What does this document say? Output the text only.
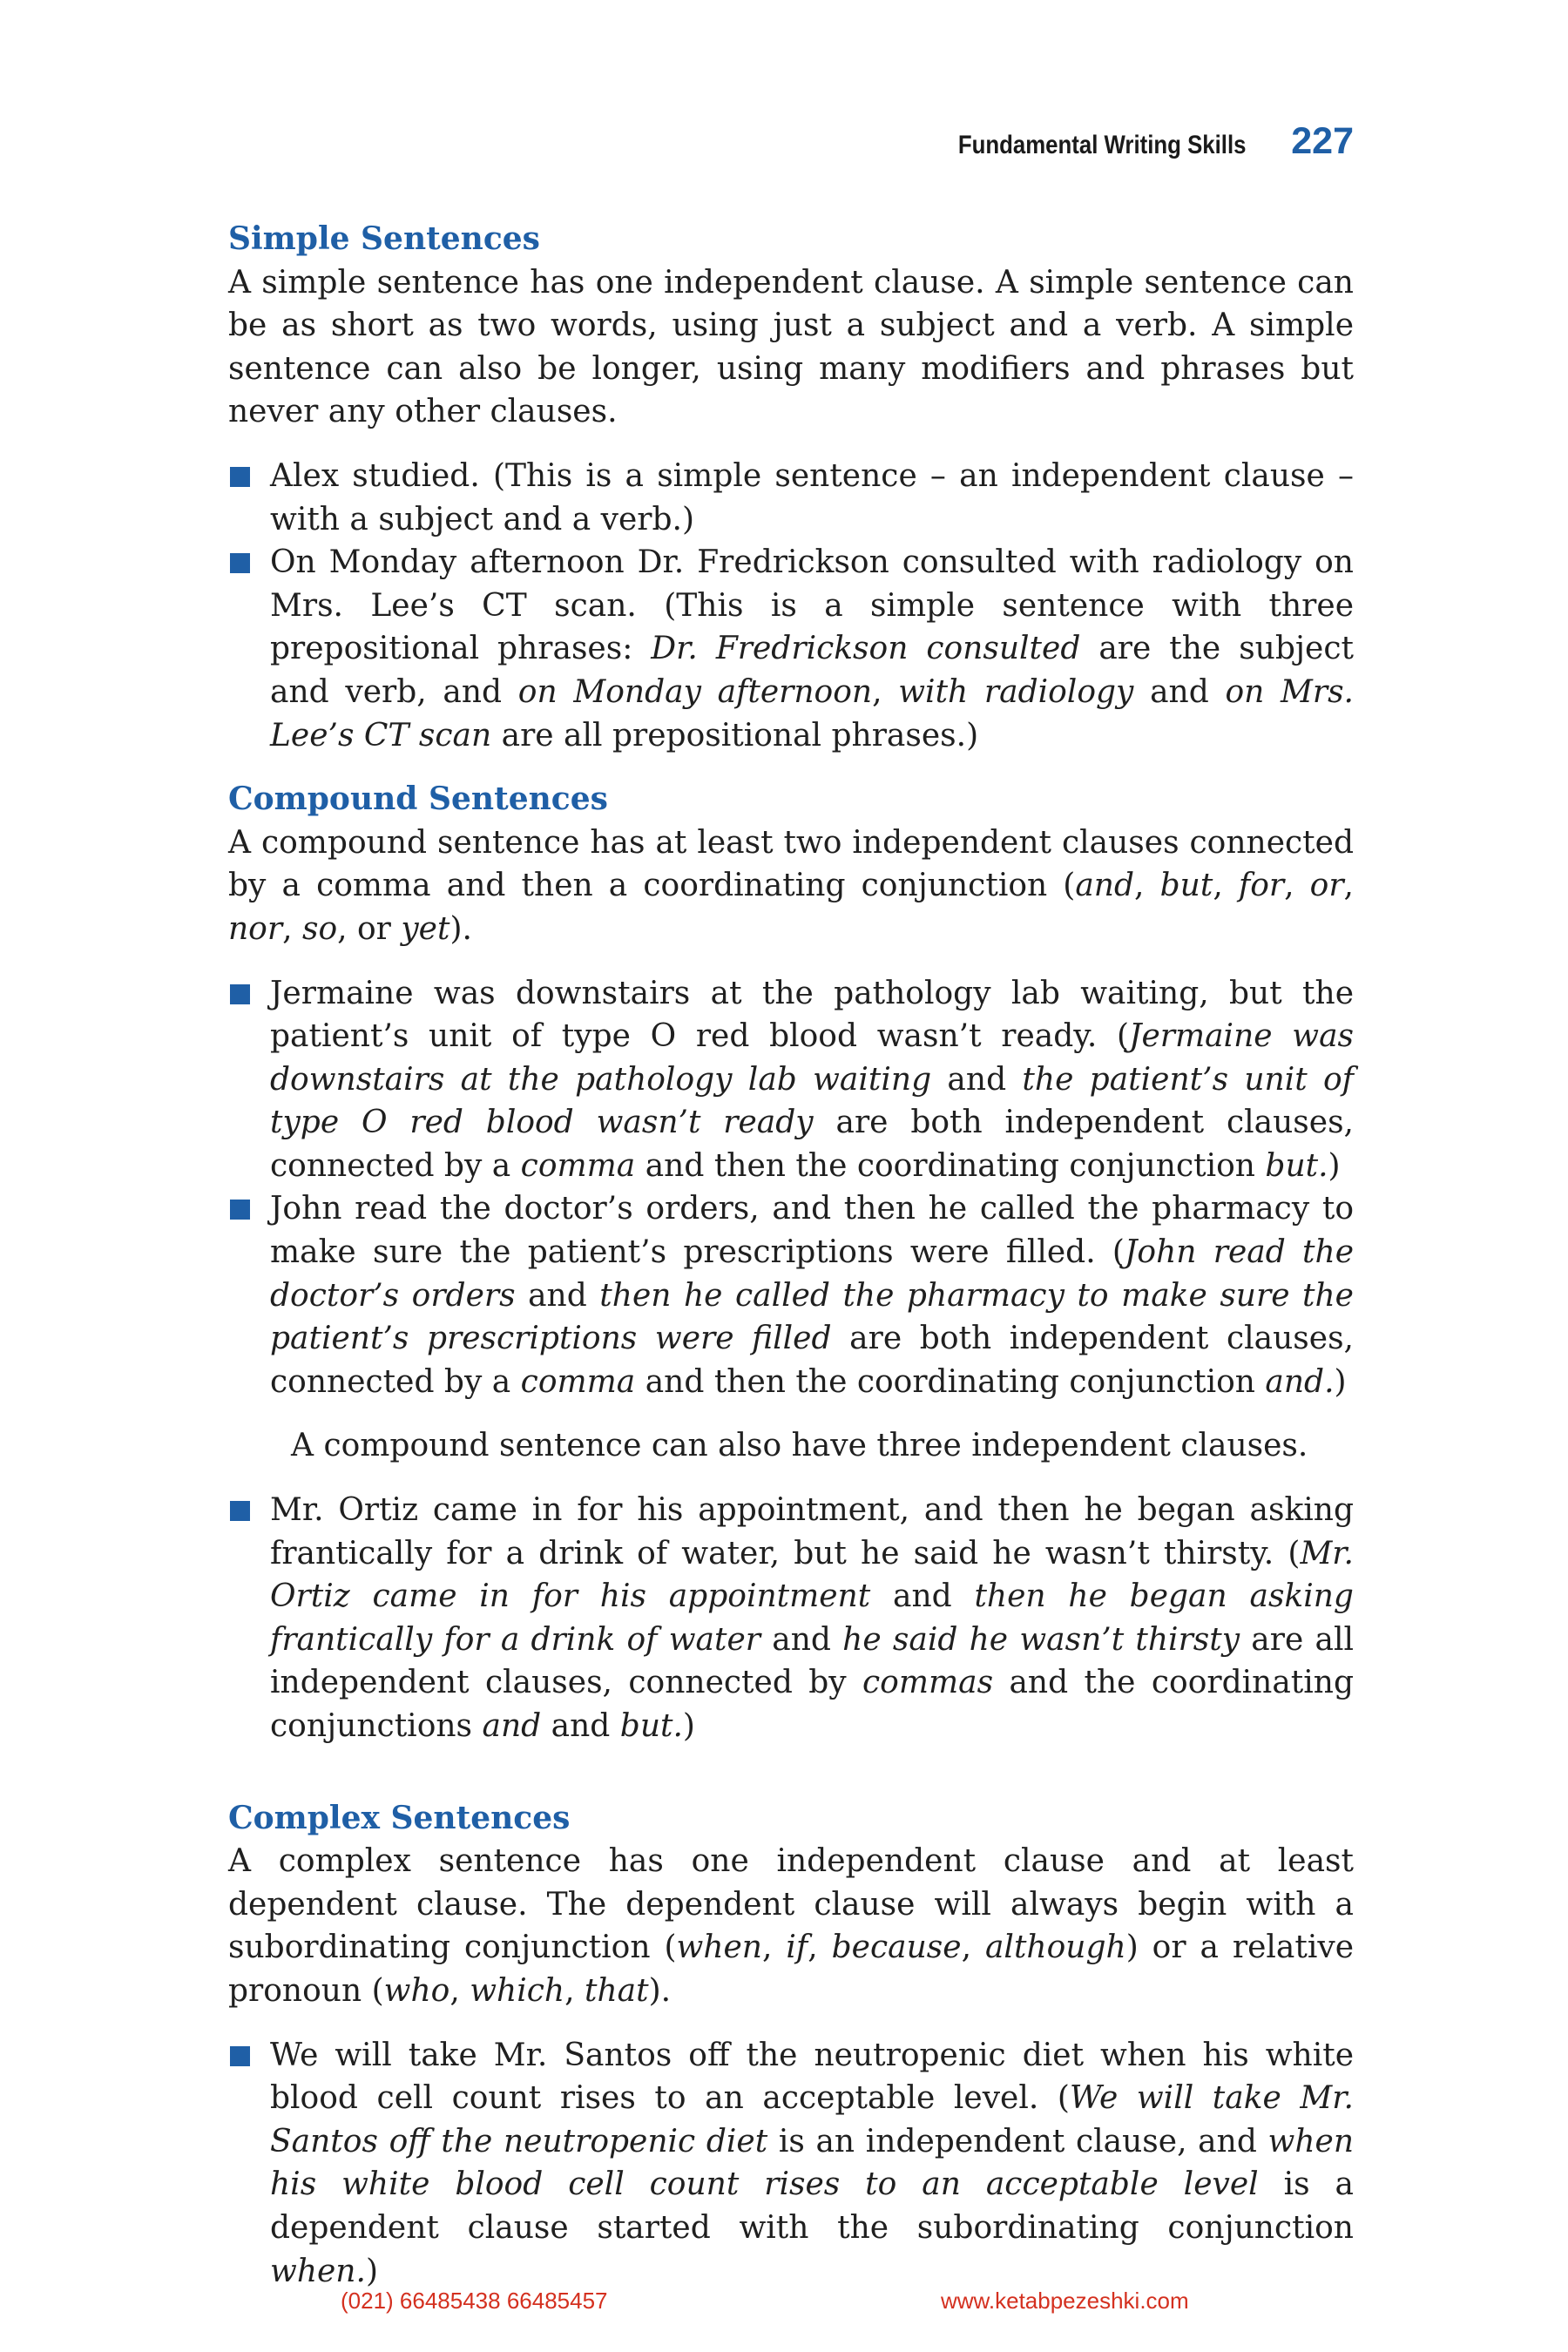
Fundamental Writing Skills 227
Simple Sentences

A simple sentence has one independent clause. A simple sentence can be as short as two words, using just a subject and a verb. A simple sentence can also be longer, using many modifiers and phrases but never any other clauses.

Alex studied. (This is a simple sentence – an independent clause – with a subject and a verb.)
On Monday afternoon Dr. Fredrickson consulted with radiology on Mrs. Lee’s CT scan. (This is a simple sentence with three prepositional phrases: Dr. Fredrickson consulted are the subject and verb, and on Monday afternoon, with radiology and on Mrs. Lee’s CT scan are all prepositional phrases.)
Compound Sentences

A compound sentence has at least two independent clauses connected by a comma and then a coordinating conjunction (and, but, for, or, nor, so, or yet).

Jermaine was downstairs at the pathology lab waiting, but the patient’s unit of type O red blood wasn’t ready. (Jermaine was downstairs at the pathology lab waiting and the patient’s unit of type O red blood wasn’t ready are both independent clauses, connected by a comma and then the coordinating conjunction but.)
John read the doctor’s orders, and then he called the pharmacy to make sure the patient’s prescriptions were filled. (John read the doctor’s orders and then he called the pharmacy to make sure the patient’s prescriptions were filled are both independent clauses, connected by a comma and then the coordinating conjunction and.)

A compound sentence can also have three independent clauses.

Mr. Ortiz came in for his appointment, and then he began asking frantically for a drink of water, but he said he wasn’t thirsty. (Mr. Ortiz came in for his appointment and then he began asking frantically for a drink of water and he said he wasn’t thirsty are all independent clauses, connected by commas and the coordinating conjunctions and and but.)
Complex Sentences

A complex sentence has one independent clause and at least dependent clause. The dependent clause will always begin with a subordinating conjunction (when, if, because, although) or a relative pronoun (who, which, that).

We will take Mr. Santos off the neutropenic diet when his white blood cell count rises to an acceptable level. (We will take Mr. Santos off the neutropenic diet is an independent clause, and when his white blood cell count rises to an acceptable level is a dependent clause started with the subordinating conjunction when.)
(021) 66485438 66485457	www.ketabpezeshki.com
